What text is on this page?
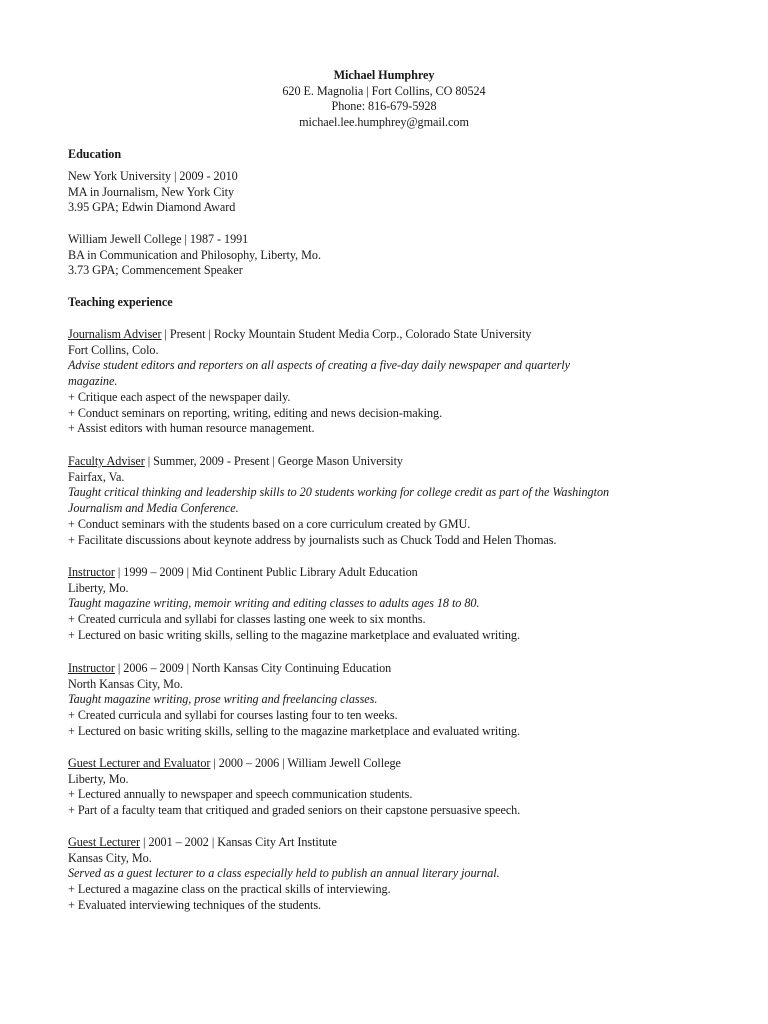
Michael Humphrey
620 E. Magnolia | Fort Collins, CO 80524
Phone: 816-679-5928
michael.lee.humphrey@gmail.com
Education
New York University | 2009 - 2010
MA in Journalism, New York City
3.95 GPA; Edwin Diamond Award
William Jewell College | 1987 - 1991
BA in Communication and Philosophy, Liberty, Mo.
3.73 GPA; Commencement Speaker
Teaching experience
Journalism Adviser | Present | Rocky Mountain Student Media Corp., Colorado State University
Fort Collins, Colo.
Advise student editors and reporters on all aspects of creating a five-day daily newspaper and quarterly
magazine.
+ Critique each aspect of the newspaper daily.
+ Conduct seminars on reporting, writing, editing and news decision-making.
+ Assist editors with human resource management.
Faculty Adviser | Summer, 2009 - Present | George Mason University
Fairfax, Va.
Taught critical thinking and leadership skills to 20 students working for college credit as part of the Washington
Journalism and Media Conference.
+ Conduct seminars with the students based on a core curriculum created by GMU.
+ Facilitate discussions about keynote address by journalists such as Chuck Todd and Helen Thomas.
Instructor | 1999 – 2009 | Mid Continent Public Library Adult Education
Liberty, Mo.
Taught magazine writing, memoir writing and editing classes to adults ages 18 to 80.
+ Created curricula and syllabi for classes lasting one week to six months.
+ Lectured on basic writing skills, selling to the magazine marketplace and evaluated writing.
Instructor | 2006 – 2009 | North Kansas City Continuing Education
North Kansas City, Mo.
Taught magazine writing, prose writing and freelancing classes.
+ Created curricula and syllabi for courses lasting four to ten weeks.
+ Lectured on basic writing skills, selling to the magazine marketplace and evaluated writing.
Guest Lecturer and Evaluator | 2000 – 2006 | William Jewell College
Liberty, Mo.
+ Lectured annually to newspaper and speech communication students.
+ Part of a faculty team that critiqued and graded seniors on their capstone persuasive speech.
Guest Lecturer | 2001 – 2002 | Kansas City Art Institute
Kansas City, Mo.
Served as a guest lecturer to a class especially held to publish an annual literary journal.
+ Lectured a magazine class on the practical skills of interviewing.
+ Evaluated interviewing techniques of the students.
